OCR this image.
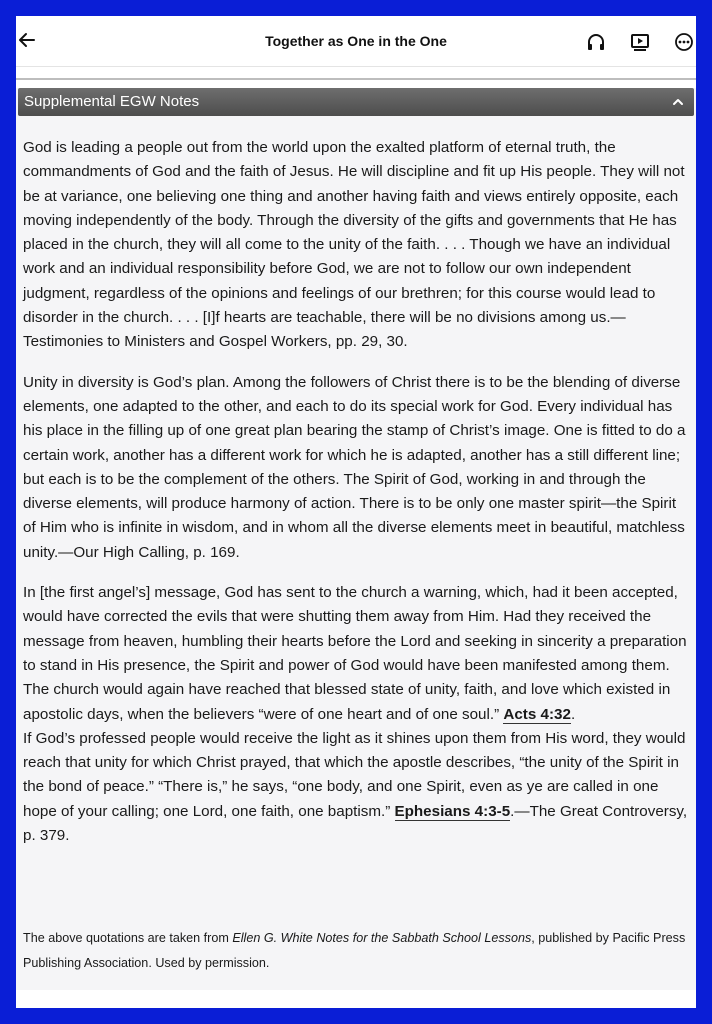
Together as One in the One
Supplemental EGW Notes

God is leading a people out from the world upon the exalted platform of eternal truth, the commandments of God and the faith of Jesus. He will discipline and fit up His people. They will not be at variance, one believing one thing and another having faith and views entirely opposite, each moving independently of the body. Through the diversity of the gifts and governments that He has placed in the church, they will all come to the unity of the faith. . . . Though we have an individual work and an individual responsibility before God, we are not to follow our own independent judgment, regardless of the opinions and feelings of our brethren; for this course would lead to disorder in the church. . . . [I]f hearts are teachable, there will be no divisions among us.—Testimonies to Ministers and Gospel Workers, pp. 29, 30.

Unity in diversity is God’s plan. Among the followers of Christ there is to be the blending of diverse elements, one adapted to the other, and each to do its special work for God. Every individual has his place in the filling up of one great plan bearing the stamp of Christ’s image. One is fitted to do a certain work, another has a different work for which he is adapted, another has a still different line; but each is to be the complement of the others. The Spirit of God, working in and through the diverse elements, will produce harmony of action. There is to be only one master spirit—the Spirit of Him who is infinite in wisdom, and in whom all the diverse elements meet in beautiful, matchless unity.—Our High Calling, p. 169.

In [the first angel’s] message, God has sent to the church a warning, which, had it been accepted, would have corrected the evils that were shutting them away from Him. Had they received the message from heaven, humbling their hearts before the Lord and seeking in sincerity a preparation to stand in His presence, the Spirit and power of God would have been manifested among them. The church would again have reached that blessed state of unity, faith, and love which existed in apostolic days, when the believers “were of one heart and of one soul.” Acts 4:32.

If God’s professed people would receive the light as it shines upon them from His word, they would reach that unity for which Christ prayed, that which the apostle describes, “the unity of the Spirit in the bond of peace.” “There is,” he says, “one body, and one Spirit, even as ye are called in one hope of your calling; one Lord, one faith, one baptism.” Ephesians 4:3-5.—The Great Controversy, p. 379.

The above quotations are taken from Ellen G. White Notes for the Sabbath School Lessons, published by Pacific Press Publishing Association. Used by permission.
